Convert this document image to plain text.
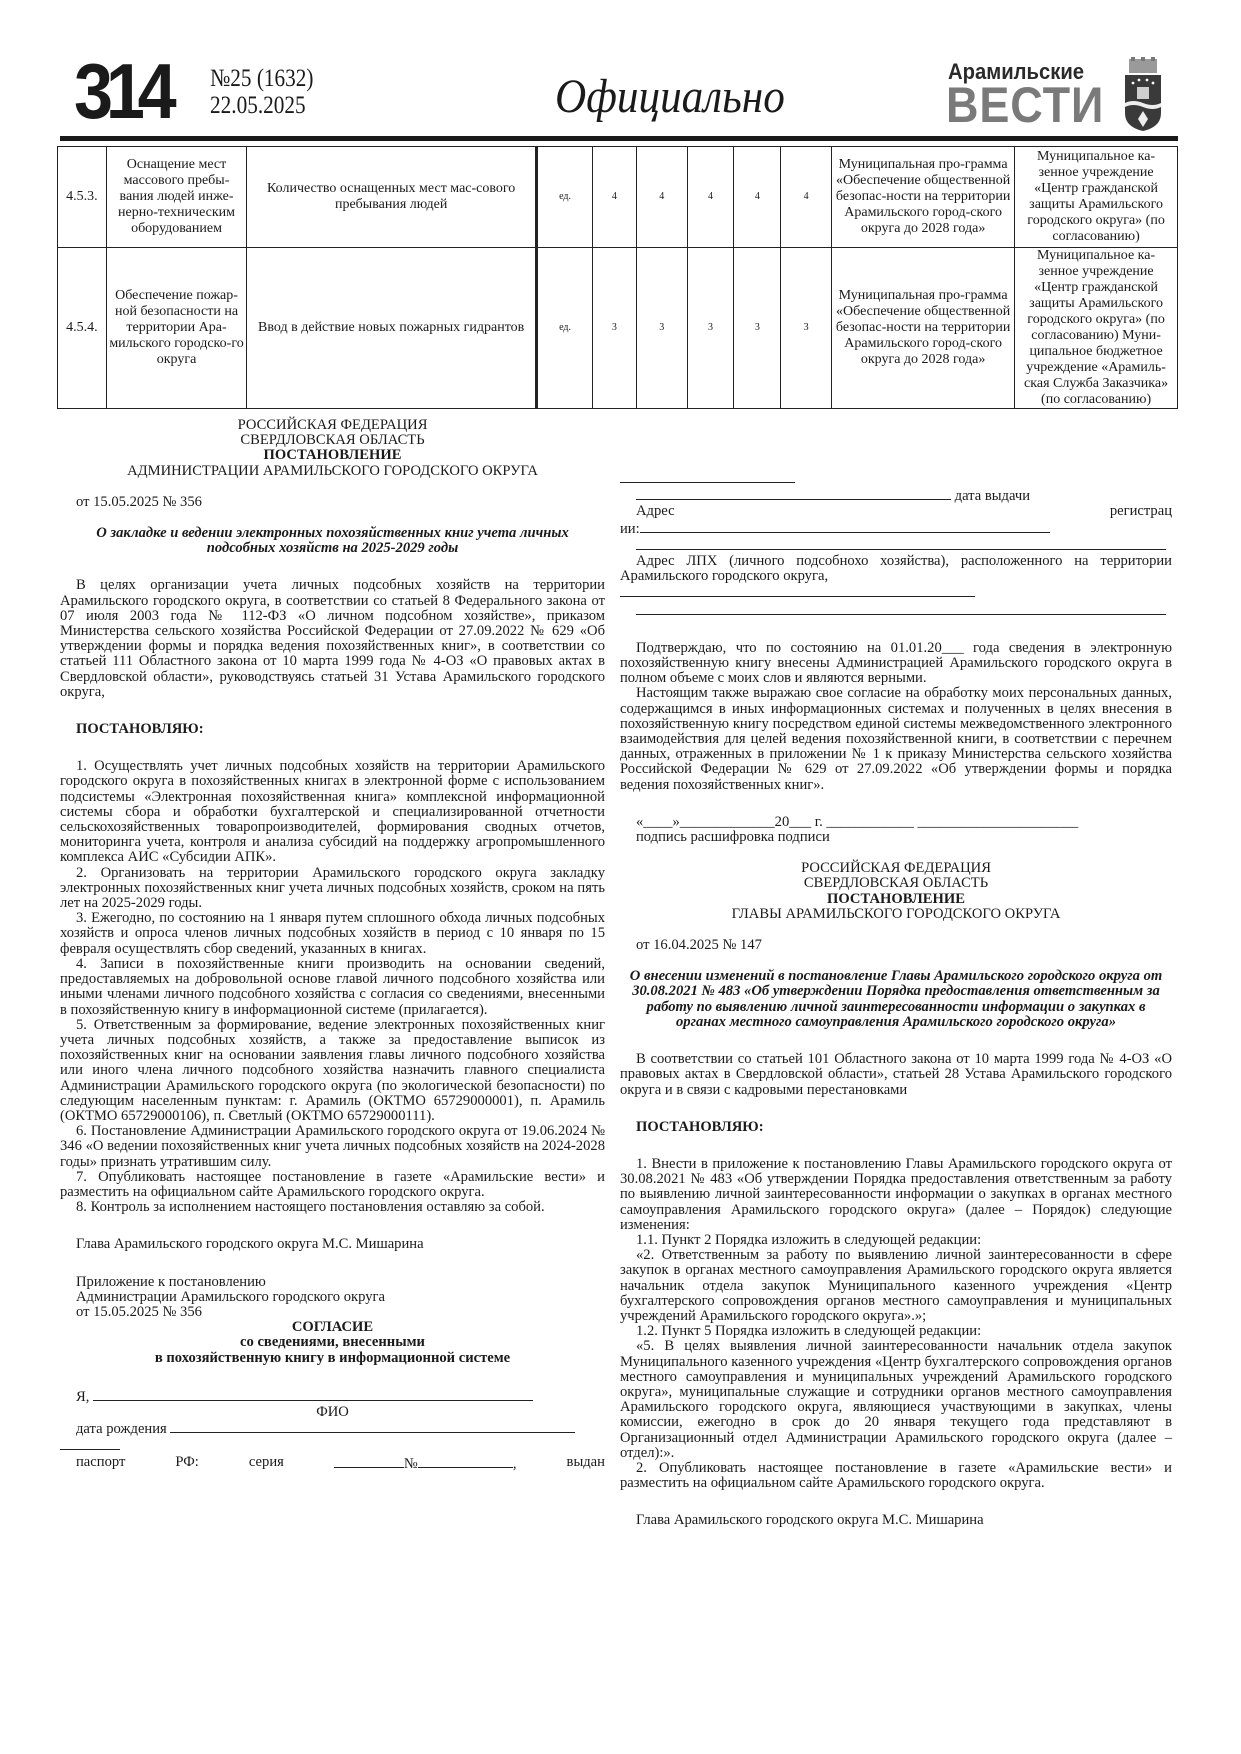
314 №25 (1632)
22.05.2025	Официально	Арамильские
ВЕСТИ
4.5.3.	Оснащение мест массового пребы-вания людей инже-нерно-техническим оборудованием	Количество оснащенных мест мас-сового пребывания людей	ед.	4	4	4	4	4	Муниципальная про-грамма «Обеспечение общественной безопас-ности на территории Арамильского город-ского округа до 2028 года»	Муниципальное ка-зенное учреждение «Центр гражданской защиты Арамильского городского округа» (по согласованию)
4.5.4.	Обеспечение пожар-ной безопасности на территории Ара-мильского городско-го округа	Ввод в действие новых пожарных гидрантов	ед.	3	3	3	3	3	Муниципальная про-грамма «Обеспечение общественной безопас-ности на территории Арамильского город-ского округа до 2028 года»	Муниципальное ка-зенное учреждение «Центр гражданской защиты Арамильского городского округа» (по согласованию) Муни-ципальное бюджетное учреждение «Арамиль-ская Служба Заказчика» (по согласованию)

РОССИЙСКАЯ ФЕДЕРАЦИЯ

СВЕРДЛОВСКАЯ ОБЛАСТЬ

ПОСТАНОВЛЕНИЕ

АДМИНИСТРАЦИИ АРАМИЛЬСКОГО ГОРОДСКОГО ОКРУГА

от 15.05.2025 № 356

О закладке и ведении электронных похозяйственных книг учета личных подсобных хозяйств на 2025-2029 годы

В целях организации учета личных подсобных хозяйств на территории Арамильского городского округа, в соответствии со статьей 8 Федерального закона от 07 июля 2003 года № 112-ФЗ «О личном подсобном хозяйстве», приказом Министерства сельского хозяйства Российской Федерации от 27.09.2022 № 629 «Об утверждении формы и порядка ведения похозяйственных книг», в соответствии со статьей 111 Областного закона от 10 марта 1999 года № 4-ОЗ «О правовых актах в Свердловской области», руководствуясь статьей 31 Устава Арамильского городского округа,

ПОСТАНОВЛЯЮ:

1. Осуществлять учет личных подсобных хозяйств на территории Арамильского городского округа в похозяйственных книгах в электронной форме с использованием подсистемы «Электронная похозяйственная книга» комплексной информационной системы сбора и обработки бухгалтерской и специализированной отчетности сельскохозяйственных товаропроизводителей, формирования сводных отчетов, мониторинга учета, контроля и анализа субсидий на поддержку агропромышленного комплекса АИС «Субсидии АПК».

2. Организовать на территории Арамильского городского округа закладку электронных похозяйственных книг учета личных подсобных хозяйств, сроком на пять лет на 2025-2029 годы.

3. Ежегодно, по состоянию на 1 января путем сплошного обхода личных подсобных хозяйств и опроса членов личных подсобных хозяйств в период с 10 января по 15 февраля осуществлять сбор сведений, указанных в книгах.

4. Записи в похозяйственные книги производить на основании сведений, предоставляемых на добровольной основе главой личного подсобного хозяйства или иными членами личного подсобного хозяйства с согласия со сведениями, внесенными в похозяйственную книгу в информационной системе (прилагается).

5. Ответственным за формирование, ведение электронных похозяйственных книг учета личных подсобных хозяйств, а также за предоставление выписок из похозяйственных книг на основании заявления главы личного подсобного хозяйства или иного члена личного подсобного хозяйства назначить главного специалиста Администрации Арамильского городского округа (по экологической безопасности) по следующим населенным пунктам: г. Арамиль (ОКТМО 65729000001), п. Арамиль (ОКТМО 65729000106), п. Светлый (ОКТМО 65729000111).

6. Постановление Администрации Арамильского городского округа от 19.06.2024 № 346 «О ведении похозяйственных книг учета личных подсобных хозяйств на 2024-2028 годы» признать утратившим силу.

7. Опубликовать настоящее постановление в газете «Арамильские вести» и разместить на официальном сайте Арамильского городского округа.

8. Контроль за исполнением настоящего постановления оставляю за собой.

Глава Арамильского городского округа М.С. Мишарина

Приложение к постановлению

Администрации Арамильского городского округа

от 15.05.2025 № 356

СОГЛАСИЕ

со сведениями, внесенными

в похозяйственную книгу в информационной системе

Я,

ФИО

дата рождения

паспорт	РФ:	серия	№	,	выдан

дата выдачи

Адрес	регистрац

ии:

Адрес ЛПХ (личного подсобнохо хозяйства), расположенного на территории Арамильского городского округа,

Подтверждаю, что по состоянию на 01.01.20___ года сведения в электронную похозяйственную книгу внесены Администрацией Арамильского городского округа в полном объеме с моих слов и являются верными.

Настоящим также выражаю свое согласие на обработку моих персональных данных, содержащимся в иных информационных системах и полученных в целях внесения в похозяйственную книгу посредством единой системы межведомственного электронного взаимодействия для целей ведения похозяйственной книги, в соответствии с перечнем данных, отраженных в приложении № 1 к приказу Министерства сельского хозяйства Российской Федерации № 629 от 27.09.2022 «Об утверждении формы и порядка ведения похозяйственных книг».

«____»_____________20___ г. ____________ ______________________

подпись расшифровка подписи

РОССИЙСКАЯ ФЕДЕРАЦИЯ

СВЕРДЛОВСКАЯ ОБЛАСТЬ

ПОСТАНОВЛЕНИЕ

ГЛАВЫ АРАМИЛЬСКОГО ГОРОДСКОГО ОКРУГА

от 16.04.2025 № 147

О внесении изменений в постановление Главы Арамильского городского округа от 30.08.2021 № 483 «Об утверждении Порядка предоставления ответственным за работу по выявлению личной заинтересованности информации о закупках в органах местного самоуправления Арамильского городского округа»

В соответствии со статьей 101 Областного закона от 10 марта 1999 года № 4-ОЗ «О правовых актах в Свердловской области», статьей 28 Устава Арамильского городского округа и в связи с кадровыми перестановками

ПОСТАНОВЛЯЮ:

1. Внести в приложение к постановлению Главы Арамильского городского округа от 30.08.2021 № 483 «Об утверждении Порядка предоставления ответственным за работу по выявлению личной заинтересованности информации о закупках в органах местного самоуправления Арамильского городского округа» (далее – Порядок) следующие изменения:

1.1. Пункт 2 Порядка изложить в следующей редакции:

«2. Ответственным за работу по выявлению личной заинтересованности в сфере закупок в органах местного самоуправления Арамильского городского округа является начальник отдела закупок Муниципального казенного учреждения «Центр бухгалтерского сопровождения органов местного самоуправления и муниципальных учреждений Арамильского городского округа».»;

1.2. Пункт 5 Порядка изложить в следующей редакции:

«5. В целях выявления личной заинтересованности начальник отдела закупок Муниципального казенного учреждения «Центр бухгалтерского сопровождения органов местного самоуправления и муниципальных учреждений Арамильского городского округа», муниципальные служащие и сотрудники органов местного самоуправления Арамильского городского округа, являющиеся участвующими в закупках, члены комиссии, ежегодно в срок до 20 января текущего года представляют в Организационный отдел Администрации Арамильского городского округа (далее – отдел):».

2. Опубликовать настоящее постановление в газете «Арамильские вести» и разместить на официальном сайте Арамильского городского округа.

Глава Арамильского городского округа М.С. Мишарина
